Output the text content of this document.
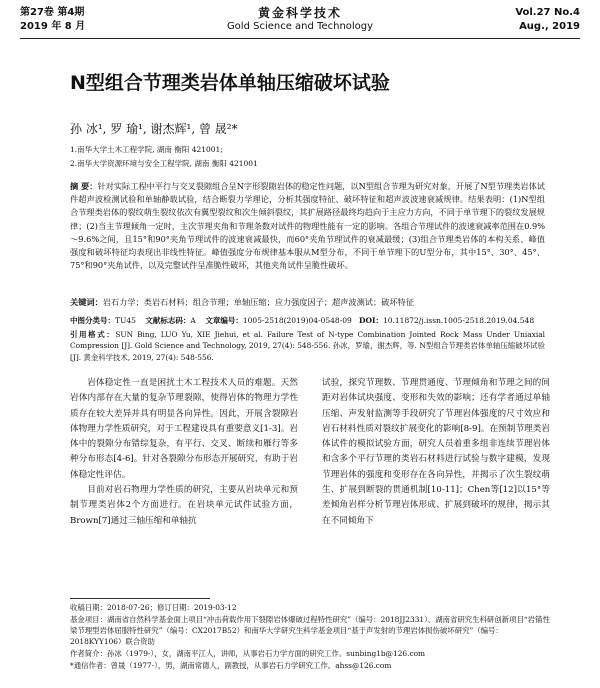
第27卷 第4期
2019 年 8 月
黄金科学技术
Gold Science and Technology
Vol.27 No.4
Aug., 2019
N型组合节理类岩体单轴压缩破坏试验
孙 冰¹, 罗 瑜¹, 谢杰辉¹, 曾 晟²*
1.南华大学土木工程学院, 湖南 衡阳 421001;
2.南华大学资源环境与安全工程学院, 湖南 衡阳 421001
摘 要：针对实际工程中平行与交叉裂隙组合呈N字形裂隙岩体的稳定性问题，以N型组合节理为研究对象，开展了N型节理类岩体试件超声波检测试验和单轴静载试验，结合断裂力学理论，分析其强度特征、破坏特征和超声波波速衰减规律。结果表明：(1)N型组合节理类岩体的裂纹萌生裂纹依次有翼型裂纹和次生倾斜裂纹，其扩展路径最终均趋向于主应力方向，不同于单节理下的裂纹发展规律；(2)当主节理倾角一定时，主次节理夹角和节理条数对试件的物理性能有一定的影响。各组合节理试件的波速衰减率范围在0.9%～9.6%之间，且15°和90°夹角节理试件的波速衰减最快，而60°夹角节理试件的衰减最缓；(3)组合节理类岩体的本构关系、峰值强度和破坏特征均表现出非线性特征。峰值强度分布规律基本服从M型分布，不同于单节理下的U型分布，其中15°、30°、45°、75°和90°夹角试件，以及完整试件呈准脆性破坏，其他夹角试件呈脆性破坏。
关键词：岩石力学；类岩石材料；组合节理；单轴压缩；应力强度因子；超声波测试；破坏特征
中图分类号：TU45 文献标志码：A 文章编号：1005-2518(2019)04-0548-09 DOI：10.11872/j.issn.1005-2518.2019.04.548
引用格式：SUN Bing, LUO Yu, XIE Jiehui, et al. Failure Test of N-type Combination Jointed Rock Mass Under Uniaxial Compression [J]. Gold Science and Technology, 2019, 27(4): 548-556. 孙冰，罗瑜，谢杰辉，等. N型组合节理类岩体单轴压缩破坏试验[J]. 黄金科学技术, 2019, 27(4): 548-556.

岩体稳定性一直是困扰土木工程技术人员的难题。天然岩体内部存在大量的复杂节理裂隙，使得岩体的物理力学性质存在较大差异并具有明显各向异性。因此，开展含裂隙岩体物理力学性质研究，对于工程建设具有重要意义[1-3]。岩体中的裂隙分布错综复杂，有平行、交叉、断续和雁行等多种分布形态[4-6]。针对各裂隙分布形态开展研究，有助于岩体稳定性评估。

目前对岩石物理力学性质的研究，主要从岩块单元和预制节理类岩体2个方面进行。在岩块单元试件试验方面，Brown[7]通过三轴压缩和单轴抗

试验，探究节理数、节理贯通度、节理倾角和节理之间的间距对岩体试块强度、变形和失效的影响；还有学者通过单轴压缩、声发射监测等手段研究了节理岩体强度的尺寸效应和岩石材料性质对裂纹扩展变化的影响[8-9]。在预制节理类岩体试件的模拟试验方面，研究人员着重多组非连续节理岩体和含多个平行节理的类岩石材料进行试验与数字建模，发现节理岩体的强度和变形存在各向异性，并揭示了次生裂纹萌生、扩展到断裂的贯通机制[10-11]；Chen等[12]以15°等差倾角岩样分析节理岩体形成、扩展到破坏的规律，揭示其在不同倾角下

收稿日期：2018-07-26；修订日期：2019-03-12
基金项目：湖南省自然科学基金面上项目“冲击荷载作用下裂隙岩体爆破过程特性研究”（编号：2018JJ2331）、湖南省研究生科研创新项目“岩锚性梁节理型岩体屈服特性研究”（编号：CX2017B52）和南华大学研究生科学基金项目“基于声发射的节理岩体损伤破坏研究”（编号：2018KYY106）联合资助
作者简介：孙冰（1979-），女，湖南平江人，讲师，从事岩石力学方面的研究工作。sunbing1b@126.com
*通信作者：曾晟（1977-），男，湖南常德人，副教授，从事岩石力学研究工作。ahss@126.com
